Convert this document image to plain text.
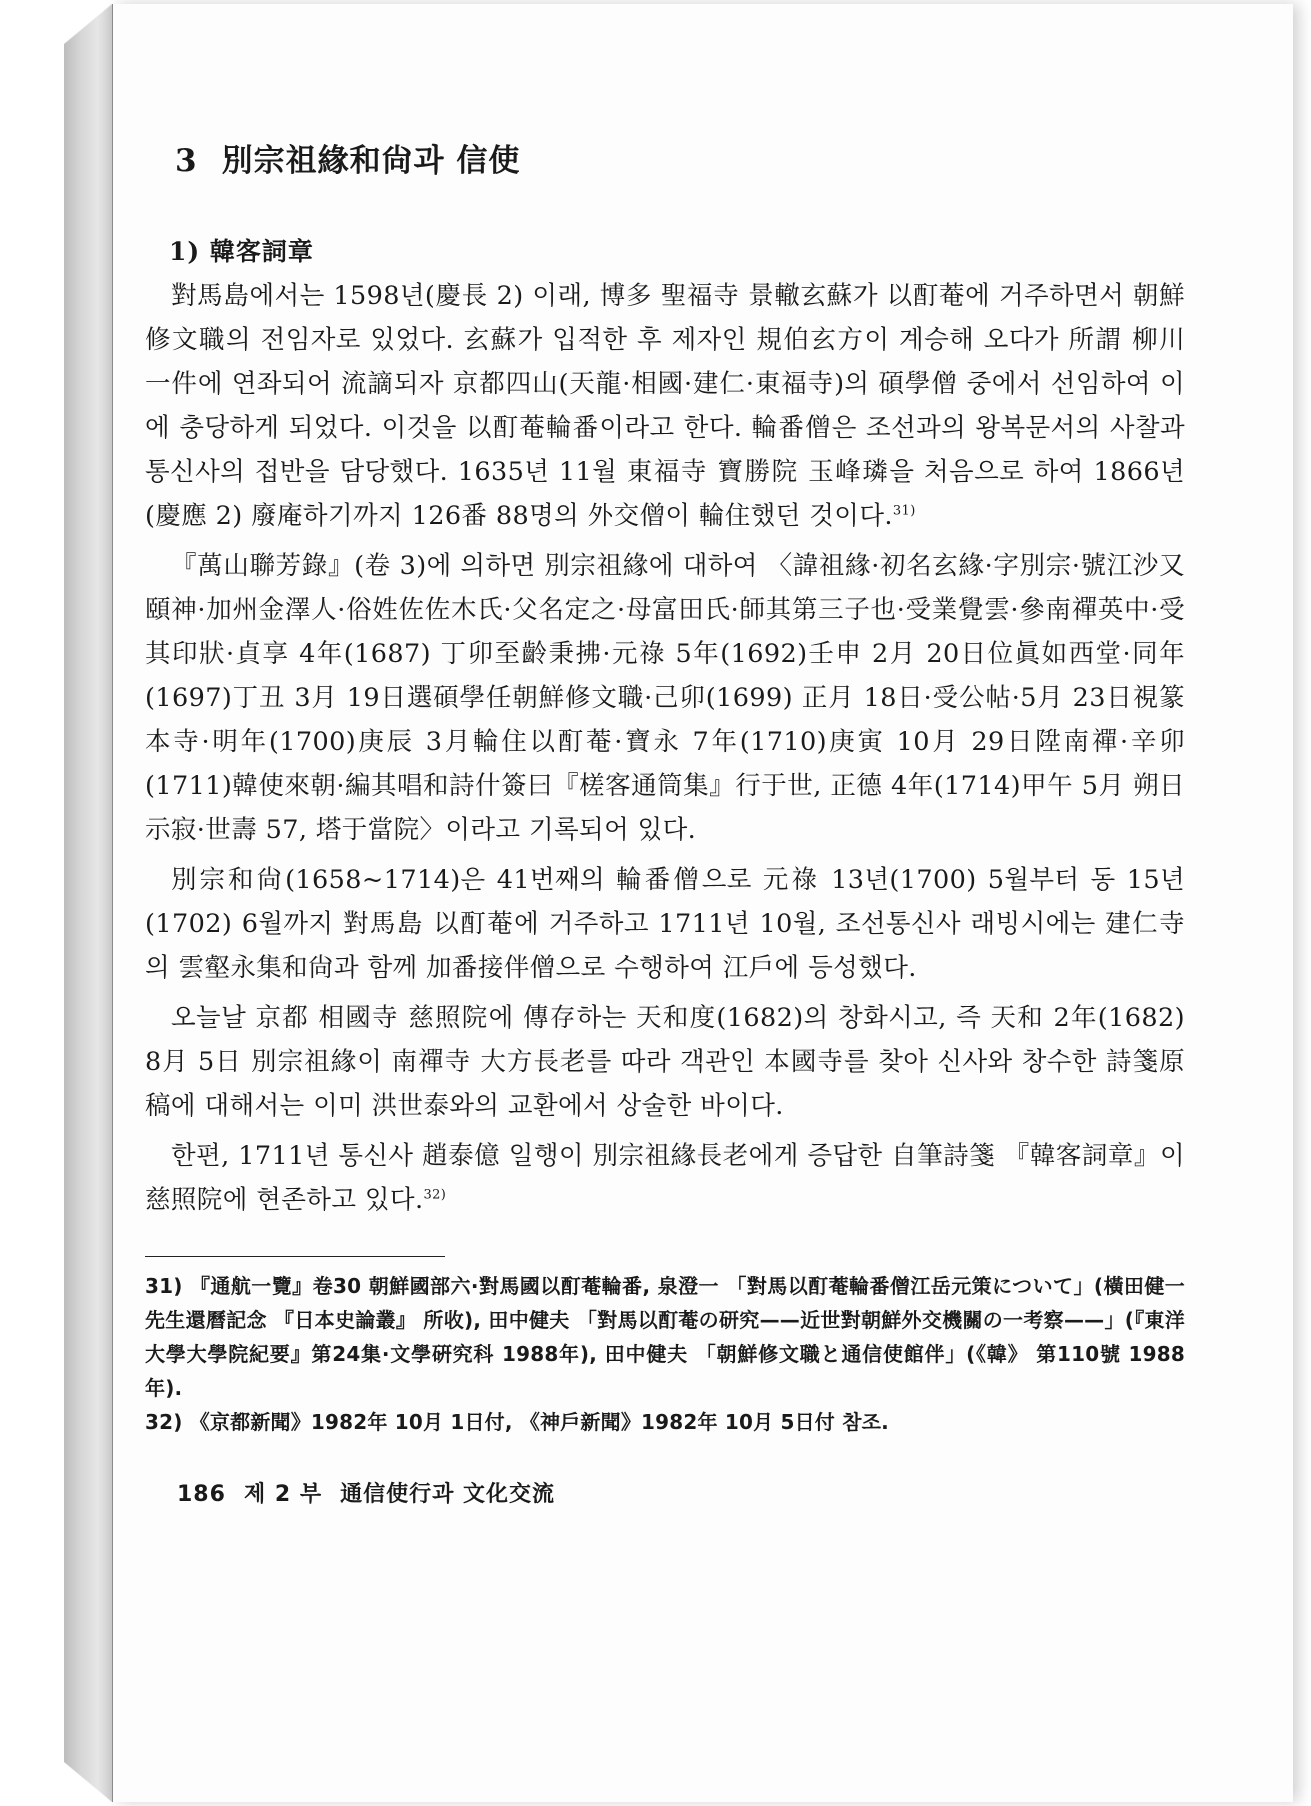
3 別宗祖緣和尙과 信使
1) 韓客詞章

對馬島에서는 1598년(慶長 2) 이래, 博多 聖福寺 景轍玄蘇가 以酊菴에 거주하면서 朝鮮修文職의 전임자로 있었다. 玄蘇가 입적한 후 제자인 規伯玄方이 계승해 오다가 所謂 柳川一件에 연좌되어 流謫되자 京都四山(天龍·相國·建仁·東福寺)의 碩學僧 중에서 선임하여 이에 충당하게 되었다. 이것을 以酊菴輪番이라고 한다. 輪番僧은 조선과의 왕복문서의 사찰과 통신사의 접반을 담당했다. 1635년 11월 東福寺 寶勝院 玉峰璘을 처음으로 하여 1866년(慶應 2) 廢庵하기까지 126番 88명의 外交僧이 輪住했던 것이다.$^{31)}$

『萬山聯芳錄』(卷 3)에 의하면 別宗祖緣에 대하여 〈諱祖緣·初名玄緣·字別宗·號江沙又頤神·加州金澤人·俗姓佐佐木氏·父名定之·母富田氏·師其第三子也·受業覺雲·參南禪英中·受其印狀·貞享 4年(1687) 丁卯至齡秉拂·元祿 5年(1692)壬申 2月 20日位眞如西堂·同年(1697)丁丑 3月 19日選碩學任朝鮮修文職·己卯(1699) 正月 18日·受公帖·5月 23日視篆本寺·明年(1700)庚辰 3月輪住以酊菴·寶永 7年(1710)庚寅 10月 29日陞南禪·辛卯(1711)韓使來朝·編其唱和詩什簽曰『槎客通筒集』行于世, 正德 4年(1714)甲午 5月 朔日示寂·世壽 57, 塔于當院〉이라고 기록되어 있다.

別宗和尙(1658~1714)은 41번째의 輪番僧으로 元祿 13년(1700) 5월부터 동 15년(1702) 6월까지 對馬島 以酊菴에 거주하고 1711년 10월, 조선통신사 래빙시에는 建仁寺의 雲壑永集和尙과 함께 加番接伴僧으로 수행하여 江戶에 등성했다.

오늘날 京都 相國寺 慈照院에 傳存하는 天和度(1682)의 창화시고, 즉 天和 2年(1682) 8月 5日 別宗祖緣이 南禪寺 大方長老를 따라 객관인 本國寺를 찾아 신사와 창수한 詩箋原稿에 대해서는 이미 洪世泰와의 교환에서 상술한 바이다.

한편, 1711년 통신사 趙泰億 일행이 別宗祖緣長老에게 증답한 自筆詩箋 『韓客詞章』이 慈照院에 현존하고 있다.$^{32)}$

31) 『通航一覽』卷30 朝鮮國部六·對馬國以酊菴輪番, 泉澄一 「對馬以酊菴輪番僧江岳元策について」(橫田健一先生還曆記念 『日本史論叢』 所收), 田中健夫 「對馬以酊菴の研究——近世對朝鮮外交機關の一考察——」(『東洋大學大學院紀要』第24集·文學硏究科 1988年), 田中健夫 「朝鮮修文職と通信使館伴」(《韓》 第110號 1988年).

32) 《京都新聞》1982年 10月 1日付, 《神戶新聞》1982年 10月 5日付 참조.

186 제 2 부 通信使行과 文化交流
